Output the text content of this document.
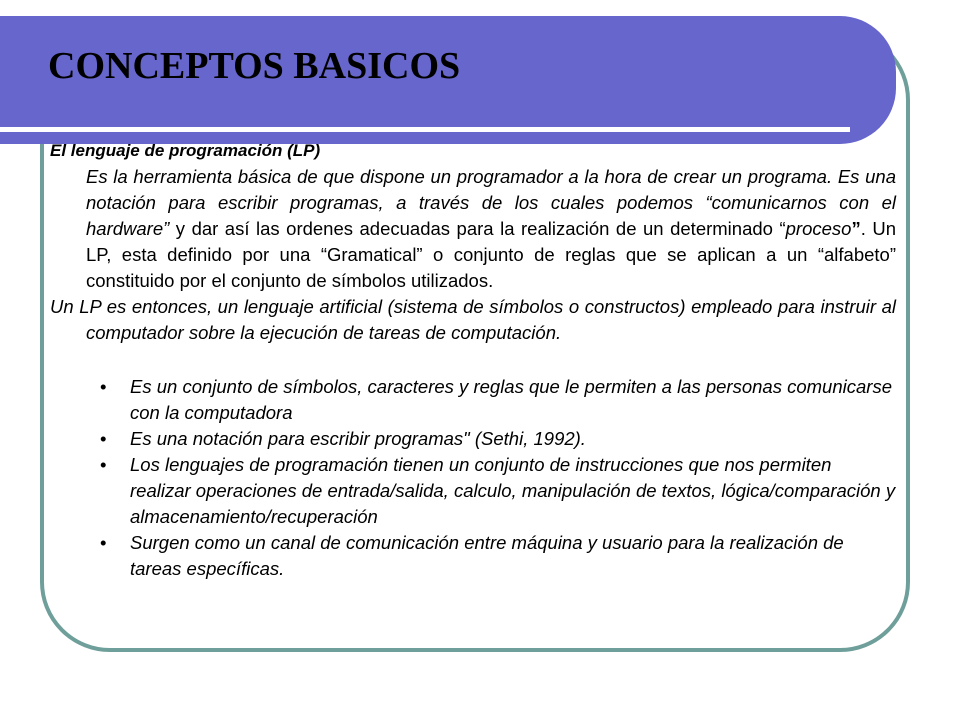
CONCEPTOS BASICOS
El lenguaje de programación (LP)

Es la herramienta básica de que dispone un programador a la hora de crear un programa. Es una notación para escribir programas, a través de los cuales podemos “comunicarnos con el hardware” y dar así las ordenes adecuadas para la realización de un determinado “proceso”. Un LP, esta definido por una “Gramatical” o conjunto de reglas que se aplican a un “alfabeto” constituido por el conjunto de símbolos utilizados.

Un LP es entonces, un lenguaje artificial (sistema de símbolos o constructos) empleado para instruir al computador sobre la ejecución de tareas de computación.

• Es un conjunto de símbolos, caracteres y reglas que le permiten a las personas comunicarse con la computadora
• Es una notación para escribir programas" (Sethi, 1992).
• Los lenguajes de programación tienen un conjunto de instrucciones que nos permiten realizar operaciones de entrada/salida, calculo, manipulación de textos, lógica/comparación y almacenamiento/recuperación
• Surgen como un canal de comunicación entre máquina y usuario para la realización de tareas específicas.
